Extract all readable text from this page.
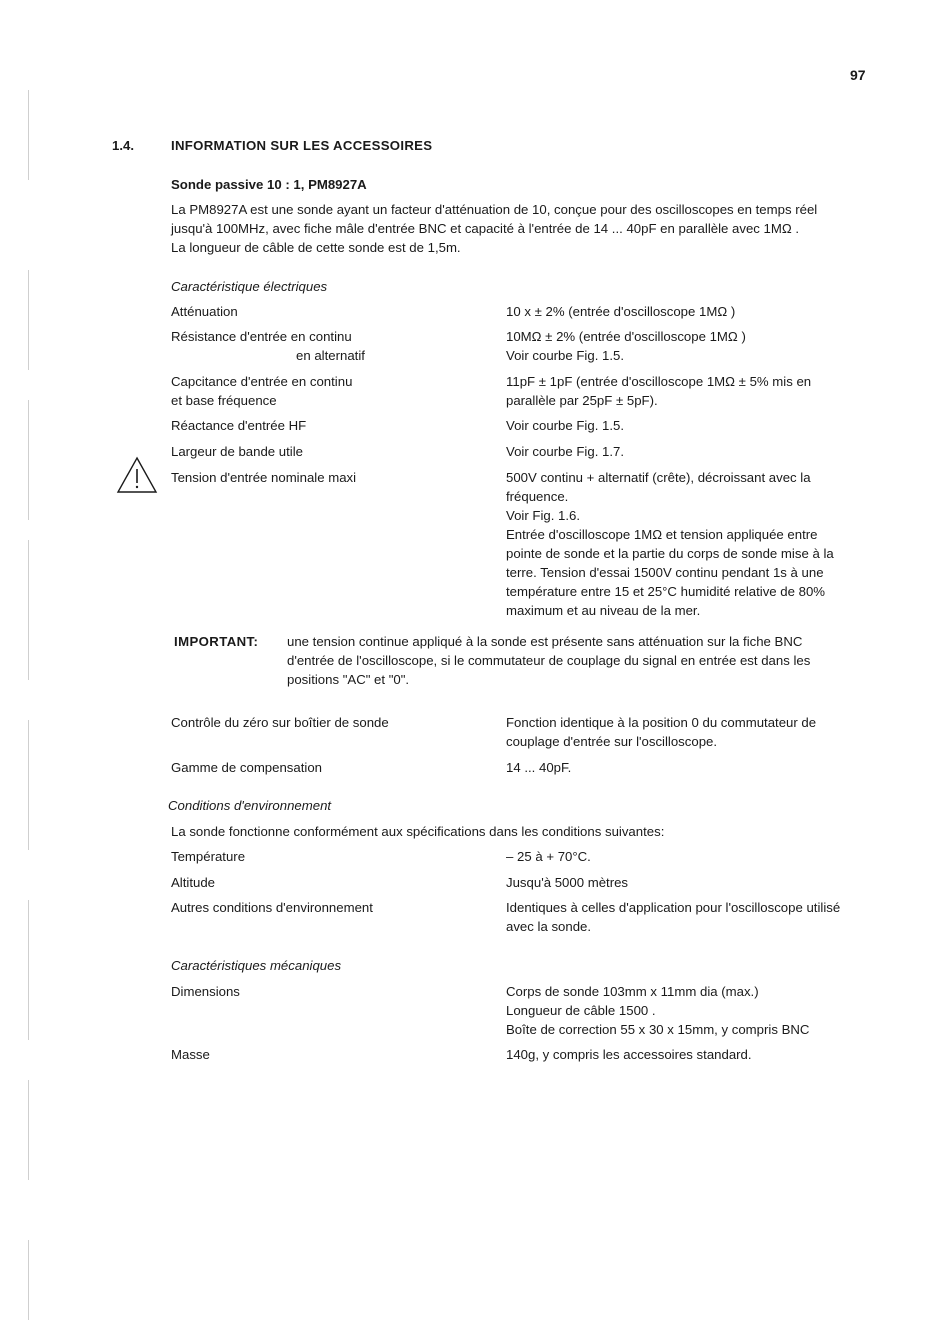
97
1.4.	INFORMATION SUR LES ACCESSOIRES
Sonde passive 10 : 1, PM8927A
La PM8927A est une sonde ayant un facteur d'atténuation de 10, conçue pour des oscilloscopes en temps réel
jusqu'à 100MHz, avec fiche mâle d'entrée BNC et capacité à l'entrée de 14 ... 40pF en parallèle avec 1MΩ .
La longueur de câble de cette sonde est de 1,5m.
Caractéristique électriques
Atténuation	10 x ± 2% (entrée d'oscilloscope 1MΩ )
Résistance d'entrée en continu	10MΩ ± 2% (entrée d'oscilloscope 1MΩ )
en alternatif	Voir courbe Fig. 1.5.
Capcitance d'entrée en continu	11pF ± 1pF (entrée d'oscilloscope 1MΩ ± 5% mis en
et base fréquence	parallèle par 25pF ± 5pF).
Réactance d'entrée HF	Voir courbe Fig. 1.5.
Largeur de bande utile	Voir courbe Fig. 1.7.
Tension d'entrée nominale maxi	500V continu + alternatif (crête), décroissant avec la
fréquence.
Voir Fig. 1.6.
Entrée d'oscilloscope 1MΩ et tension appliquée entre
pointe de sonde et la partie du corps de sonde mise à la
terre. Tension d'essai 1500V continu pendant 1s à une
température entre 15 et 25°C humidité relative de 80%
maximum et au niveau de la mer.
IMPORTANT: une tension continue appliqué à la sonde est présente sans atténuation sur la fiche BNC
d'entrée de l'oscilloscope, si le commutateur de couplage du signal en entrée est dans les
positions "AC" et "0".
Contrôle du zéro sur boîtier de sonde	Fonction identique à la position 0 du commutateur de
couplage d'entrée sur l'oscilloscope.
Gamme de compensation	14 ... 40pF.
Conditions d'environnement
La sonde fonctionne conformément aux spécifications dans les conditions suivantes:
Température	– 25 à + 70°C.
Altitude	Jusqu'à 5000 mètres
Autres conditions d'environnement	Identiques à celles d'application pour l'oscilloscope utilisé
avec la sonde.
Caractéristiques mécaniques
Dimensions	Corps de sonde 103mm x 11mm dia (max.)
Longueur de câble 1500 .
Boîte de correction 55 x 30 x 15mm, y compris BNC
Masse	140g, y compris les accessoires standard.
